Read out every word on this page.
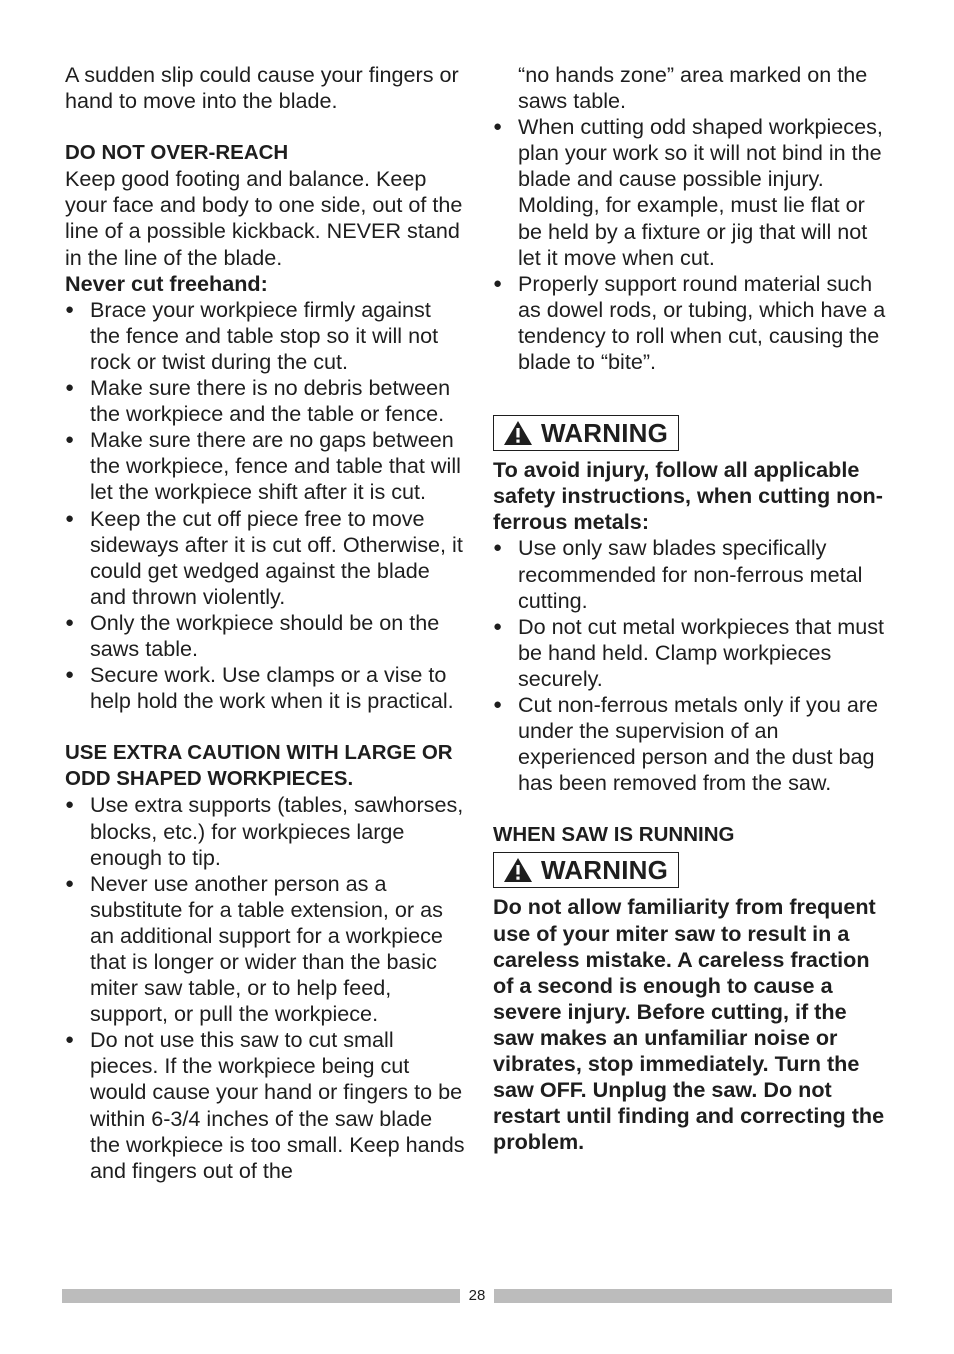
A sudden slip could cause your fingers or hand to move into the blade.

DO NOT OVER-REACH

Keep good footing and balance. Keep your face and body to one side, out of the line of a possible kickback. NEVER stand in the line of the blade.

Never cut freehand:

● Brace your workpiece firmly against the fence and table stop so it will not rock or twist during the cut.
● Make sure there is no debris between the workpiece and the table or fence.
● Make sure there are no gaps between the workpiece, fence and table that will let the workpiece shift after it is cut.
● Keep the cut off piece free to move sideways after it is cut off. Otherwise, it could get wedged against the blade and thrown violently.
● Only the workpiece should be on the saws table.
● Secure work. Use clamps or a vise to help hold the work when it is practical.

USE EXTRA CAUTION WITH LARGE OR ODD SHAPED WORKPIECES.

● Use extra supports (tables, sawhorses, blocks, etc.) for workpieces large enough to tip.
● Never use another person as a substitute for a table extension, or as an additional support for a workpiece that is longer or wider than the basic miter saw table, or to help feed, support, or pull the workpiece.
● Do not use this saw to cut small pieces. If the workpiece being cut would cause your hand or fingers to be within 6-3/4 inches of the saw blade the workpiece is too small. Keep hands and fingers out of the
“no hands zone” area marked on the saws table.
● When cutting odd shaped workpieces, plan your work so it will not bind in the blade and cause possible injury. Molding, for example, must lie flat or be held by a fixture or jig that will not let it move when cut.
● Properly support round material such as dowel rods, or tubing, which have a tendency to roll when cut, causing the blade to “bite”.
WARNING

To avoid injury, follow all applicable safety instructions, when cutting non-ferrous metals:

● Use only saw blades specifically recommended for non-ferrous metal cutting.
● Do not cut metal workpieces that must be hand held. Clamp workpieces securely.
● Cut non-ferrous metals only if you are under the supervision of an experienced person and the dust bag has been removed from the saw.

WHEN SAW IS RUNNING

WARNING

Do not allow familiarity from frequent use of your miter saw to result in a careless mistake. A careless fraction of a second is enough to cause a severe injury. Before cutting, if the saw makes an unfamiliar noise or vibrates, stop immediately. Turn the saw OFF. Unplug the saw. Do not restart until finding and correcting the problem.

28
